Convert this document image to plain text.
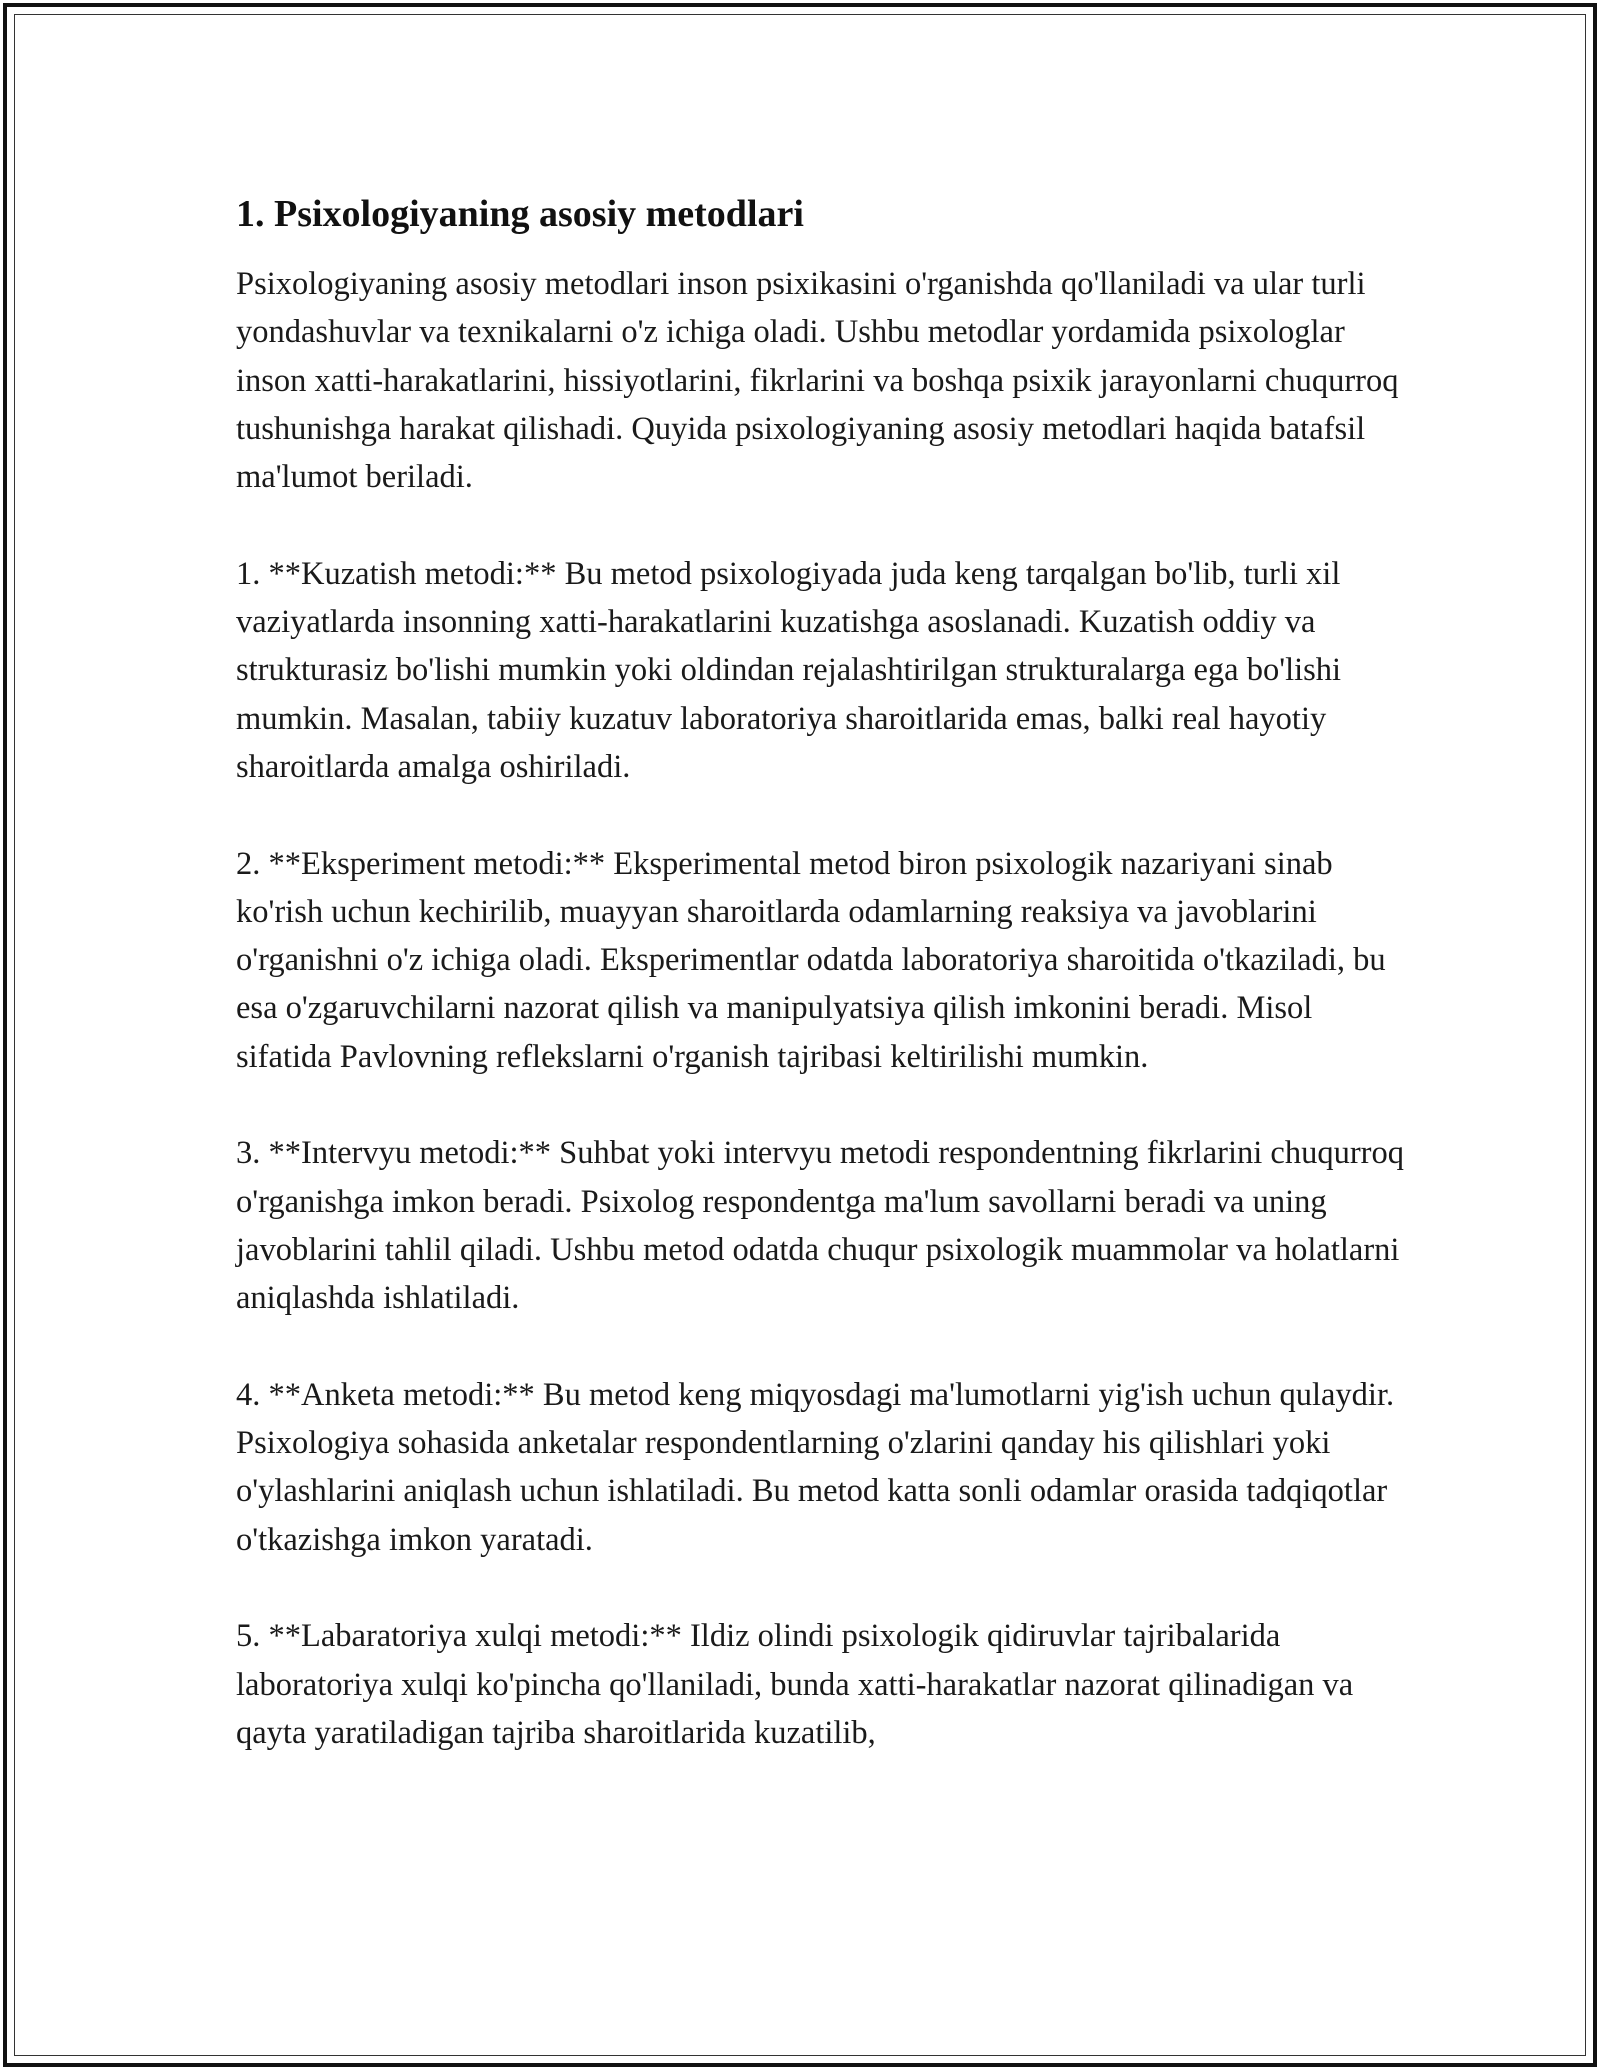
1. Psixologiyaning asosiy metodlari

Psixologiyaning asosiy metodlari inson psixikasini o'rganishda qo'llaniladi va ular turli yondashuvlar va texnikalarni o'z ichiga oladi. Ushbu metodlar yordamida psixologlar inson xatti-harakatlarini, hissiyotlarini, fikrlarini va boshqa psixik jarayonlarni chuqurroq tushunishga harakat qilishadi. Quyida psixologiyaning asosiy metodlari haqida batafsil ma'lumot beriladi.

1. **Kuzatish metodi:** Bu metod psixologiyada juda keng tarqalgan bo'lib, turli xil vaziyatlarda insonning xatti-harakatlarini kuzatishga asoslanadi. Kuzatish oddiy va strukturasiz bo'lishi mumkin yoki oldindan rejalashtirilgan strukturalarga ega bo'lishi mumkin. Masalan, tabiiy kuzatuv laboratoriya sharoitlarida emas, balki real hayotiy sharoitlarda amalga oshiriladi.

2. **Eksperiment metodi:** Eksperimental metod biron psixologik nazariyani sinab ko'rish uchun kechirilib, muayyan sharoitlarda odamlarning reaksiya va javoblarini o'rganishni o'z ichiga oladi. Eksperimentlar odatda laboratoriya sharoitida o'tkaziladi, bu esa o'zgaruvchilarni nazorat qilish va manipulyatsiya qilish imkonini beradi. Misol sifatida Pavlovning reflekslarni o'rganish tajribasi keltirilishi mumkin.

3. **Intervyu metodi:** Suhbat yoki intervyu metodi respondentning fikrlarini chuqurroq o'rganishga imkon beradi. Psixolog respondentga ma'lum savollarni beradi va uning javoblarini tahlil qiladi. Ushbu metod odatda chuqur psixologik muammolar va holatlarni aniqlashda ishlatiladi.

4. **Anketa metodi:** Bu metod keng miqyosdagi ma'lumotlarni yig'ish uchun qulaydir. Psixologiya sohasida anketalar respondentlarning o'zlarini qanday his qilishlari yoki o'ylashlarini aniqlash uchun ishlatiladi. Bu metod katta sonli odamlar orasida tadqiqotlar o'tkazishga imkon yaratadi.

5. **Labaratoriya xulqi metodi:** Ildiz olindi psixologik qidiruvlar tajribalarida laboratoriya xulqi ko'pincha qo'llaniladi, bunda xatti-harakatlar nazorat qilinadigan va qayta yaratiladigan tajriba sharoitlarida kuzatilib,
